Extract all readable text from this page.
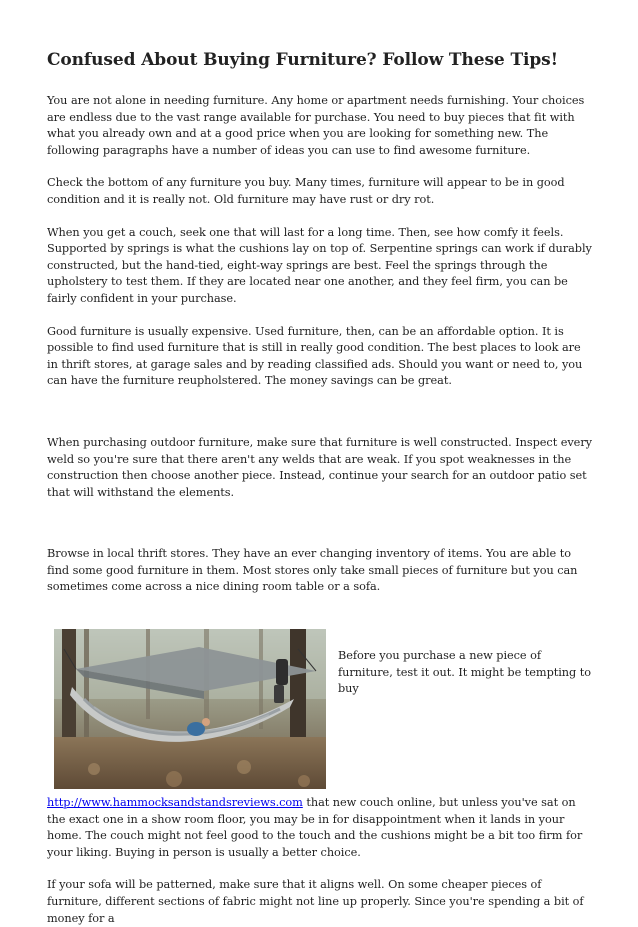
Confused About Buying Furniture? Follow These Tips!

You are not alone in needing furniture. Any home or apartment needs furnishing. Your choices are endless due to the vast range available for purchase. You need to buy pieces that fit with what you already own and at a good price when you are looking for something new. The following paragraphs have a number of ideas you can use to find awesome furniture.

Check the bottom of any furniture you buy. Many times, furniture will appear to be in good condition and it is really not. Old furniture may have rust or dry rot.

When you get a couch, seek one that will last for a long time. Then, see how comfy it feels. Supported by springs is what the cushions lay on top of. Serpentine springs can work if durably constructed, but the hand-tied, eight-way springs are best. Feel the springs through the upholstery to test them. If they are located near one another, and they feel firm, you can be fairly confident in your purchase.

Good furniture is usually expensive. Used furniture, then, can be an affordable option. It is possible to find used furniture that is still in really good condition. The best places to look are in thrift stores, at garage sales and by reading classified ads. Should you want or need to, you can have the furniture reupholstered. The money savings can be great.

When purchasing outdoor furniture, make sure that furniture is well constructed. Inspect every weld so you're sure that there aren't any welds that are weak. If you spot weaknesses in the construction then choose another piece. Instead, continue your search for an outdoor patio set that will withstand the elements.

Browse in local thrift stores. They have an ever changing inventory of items. You are able to find some good furniture in them. Most stores only take small pieces of furniture but you can sometimes come across a nice dining room table or a sofa.

Before you purchase a new piece of furniture, test it out. It might be tempting to buy http://www.hammocksandstandsreviews.com that new couch online, but unless you've sat on the exact one in a show room floor, you may be in for disappointment when it lands in your home. The couch might not feel good to the touch and the cushions might be a bit too firm for your liking. Buying in person is usually a better choice.

If your sofa will be patterned, make sure that it aligns well. On some cheaper pieces of furniture, different sections of fabric might not line up properly. Since you're spending a bit of money for a
